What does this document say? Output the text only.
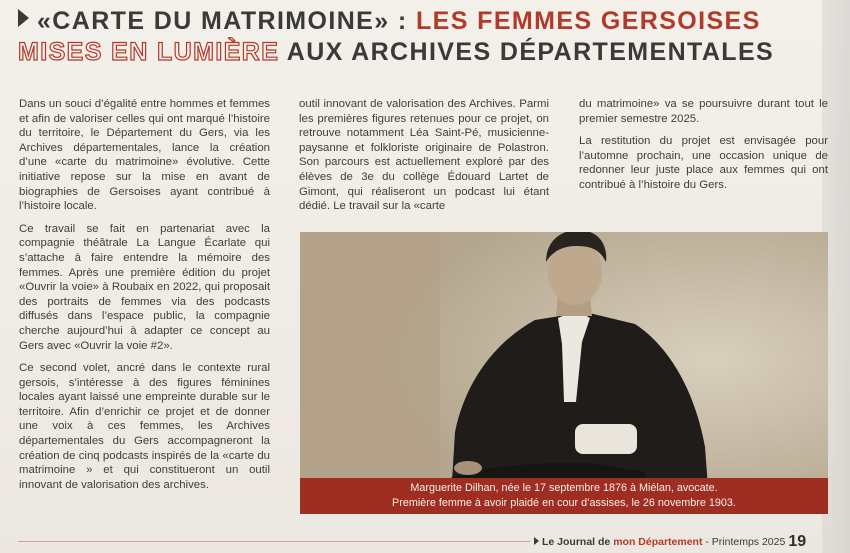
«CARTE DU MATRIMOINE» : LES FEMMES GERSOISES
MISES EN LUMIÈRE AUX ARCHIVES DÉPARTEMENTALES

Dans un souci d’égalité entre hommes et femmes et afin de valoriser celles qui ont marqué l’histoire du territoire, le Département du Gers, via les Archives départementales, lance la création d’une «carte du matrimoine» évolutive. Cette initiative repose sur la mise en avant de biographies de Gersoises ayant contribué à l’histoire locale.

Ce travail se fait en partenariat avec la compagnie théâtrale La Langue Écarlate qui s’attache à faire entendre la mémoire des femmes. Après une première édition du projet «Ouvrir la voie» à Roubaix en 2022, qui proposait des portraits de femmes via des podcasts diffusés dans l’espace public, la compagnie cherche aujourd’hui à adapter ce concept au Gers avec «Ouvrir la voie #2».

Ce second volet, ancré dans le contexte rural gersois, s’intéresse à des figures féminines locales ayant laissé une empreinte durable sur le territoire. Afin d’enrichir ce projet et de donner une voix à ces femmes, les Archives départementales du Gers accompagneront la création de cinq podcasts inspirés de la «carte du matrimoine » et qui constitueront un outil innovant de valorisation des archives.

outil innovant de valorisation des Archives. Parmi les premières figures retenues pour ce projet, on retrouve notamment Léa Saint-Pé, musicienne-paysanne et folkloriste originaire de Polastron. Son parcours est actuellement exploré par des élèves de 3e du collège Édouard Lartet de Gimont, qui réaliseront un podcast lui étant dédié. Le travail sur la «carte

du matrimoine» va se poursuivre durant tout le premier semestre 2025.

La restitution du projet est envisagée pour l’automne prochain, une occasion unique de redonner leur juste place aux femmes qui ont contribué à l’histoire du Gers.

Marguerite Dilhan, née le 17 septembre 1876 à Miélan, avocate.
Première femme à avoir plaidé en cour d’assises, le 26 novembre 1903.
Le Journal de mon Département - Printemps 2025 19
